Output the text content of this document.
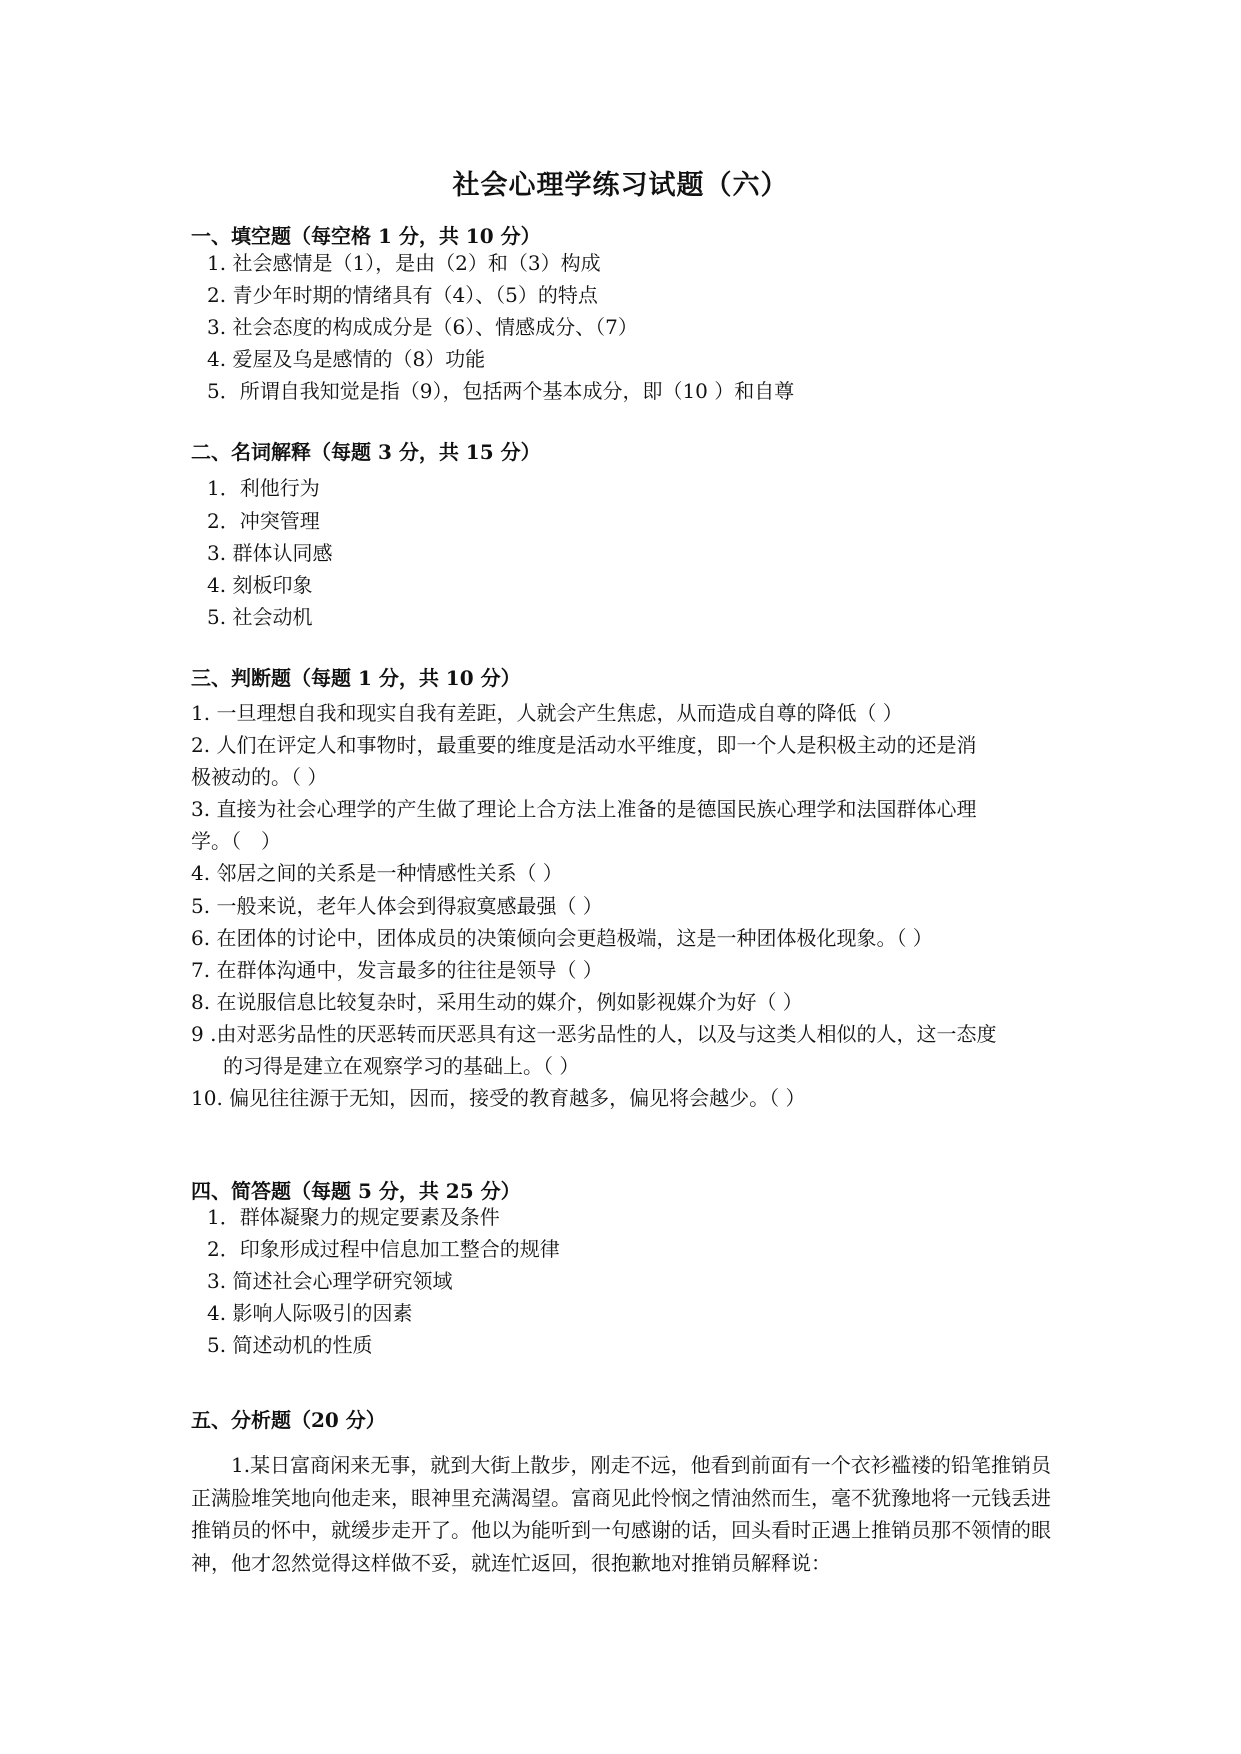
社会心理学练习试题（六）
一、填空题（每空格 1 分，共 10 分）
1. 社会感情是（1），是由（2）和（3）构成
2. 青少年时期的情绪具有（4）、（5）的特点
3. 社会态度的构成成分是（6）、情感成分、（7）
4. 爱屋及乌是感情的（8）功能
5．所谓自我知觉是指（9），包括两个基本成分，即（10 ）和自尊
二、名词解释（每题 3 分，共 15 分）
1．利他行为
2．冲突管理
3. 群体认同感
4. 刻板印象
5. 社会动机
三、判断题（每题 1 分，共 10 分）
1. 一旦理想自我和现实自我有差距，人就会产生焦虑，从而造成自尊的降低（ ）
2. 人们在评定人和事物时，最重要的维度是活动水平维度，即一个人是积极主动的还是消
极被动的。（ ）
3. 直接为社会心理学的产生做了理论上合方法上准备的是德国民族心理学和法国群体心理
学。（　）
4. 邻居之间的关系是一种情感性关系（ ）
5. 一般来说，老年人体会到得寂寞感最强（ ）
6. 在团体的讨论中，团体成员的决策倾向会更趋极端，这是一种团体极化现象。（ ）
7. 在群体沟通中，发言最多的往往是领导（ ）
8. 在说服信息比较复杂时，采用生动的媒介，例如影视媒介为好（ ）
9 .由对恶劣品性的厌恶转而厌恶具有这一恶劣品性的人，以及与这类人相似的人，这一态度
的习得是建立在观察学习的基础上。（ ）
10. 偏见往往源于无知，因而，接受的教育越多，偏见将会越少。（ ）
四、简答题（每题 5 分，共 25 分）
1．群体凝聚力的规定要素及条件
2．印象形成过程中信息加工整合的规律
3. 简述社会心理学研究领域
4. 影响人际吸引的因素
5. 简述动机的性质
五、分析题（20 分）
1.某日富商闲来无事，就到大街上散步，刚走不远，他看到前面有一个衣衫褴褛的铅笔推销员正满脸堆笑地向他走来，眼神里充满渴望。富商见此怜悯之情油然而生，毫不犹豫地将一元钱丢进推销员的怀中，就缓步走开了。他以为能听到一句感谢的话，回头看时正遇上推销员那不领情的眼神，他才忽然觉得这样做不妥，就连忙返回，很抱歉地对推销员解释说：
